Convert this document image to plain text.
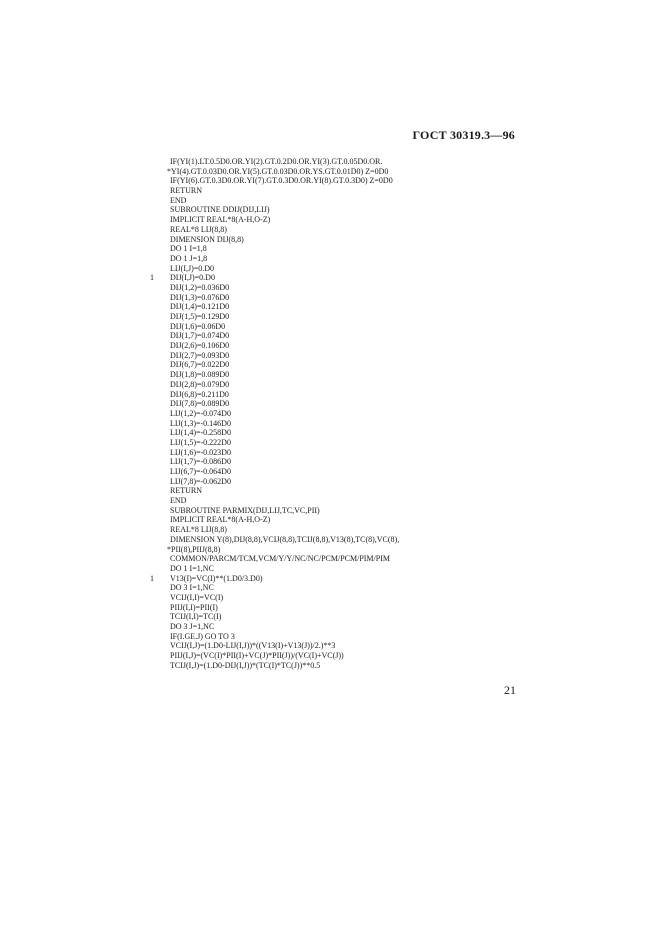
ГОСТ 30319.3—96
IF(YI(1).LT.0.5D0.OR.YI(2).GT.0.2D0.OR.YI(3).GT.0.05D0.OR.
*YI(4).GT.0.03D0.OR.YI(5).GT.0.03D0.OR.YS.GT.0.01D0) Z=0D0
IF(YI(6).GT.0.3D0.OR.YI(7).GT.0.3D0.OR.YI(8).GT.0.3D0) Z=0D0
RETURN
END
SUBROUTINE DDIJ(DIJ,LIJ)
IMPLICIT REAL*8(A-H,O-Z)
REAL*8 LIJ(8,8)
DIMENSION DIJ(8,8)
DO 1 I=1,8
DO 1 J=1,8
LIJ(I,J)=0.D0
1	DIJ(I,J)=0.D0
DIJ(1,2)=0.036D0
DIJ(1,3)=0.076D0
DIJ(1,4)=0.121D0
DIJ(1,5)=0.129D0
DIJ(1,6)=0.06D0
DIJ(1,7)=0.074D0
DIJ(2,6)=0.106D0
DIJ(2,7)=0.093D0
DIJ(6,7)=0.022D0
DIJ(1,8)=0.089D0
DIJ(2,8)=0.079D0
DIJ(6,8)=0.211D0
DIJ(7,8)=0.089D0
LIJ(1,2)=-0.074D0
LIJ(1,3)=-0.146D0
LIJ(1,4)=-0.258D0
LIJ(1,5)=-0.222D0
LIJ(1,6)=-0.023D0
LIJ(1,7)=-0.086D0
LIJ(6,7)=-0.064D0
LIJ(7,8)=-0.062D0
RETURN
END
SUBROUTINE PARMIX(DIJ,LIJ,TC,VC,PII)
IMPLICIT REAL*8(A-H,O-Z)
REAL*8 LIJ(8,8)
DIMENSION Y(8),DIJ(8,8),VCIJ(8,8),TCIJ(8,8),V13(8),TC(8),VC(8),
*PII(8),PIIJ(8,8)
COMMON/PARCM/TCM,VCM/Y/Y/NC/NC/PCM/PCM/PIM/PIM
DO 1 I=1,NC
1	V13(I)=VC(I)**(1.D0/3.D0)
DO 3 I=1,NC
VCIJ(I,I)=VC(I)
PIIJ(I,I)=PII(I)
TCIJ(I,I)=TC(I)
DO 3 J=1,NC
IF(I.GE.J) GO TO 3
VCIJ(I,J)=(1.D0-LIJ(I,J))*((V13(I)+V13(J))/2.)**3
PIIJ(I,J)=(VC(I)*PII(I)+VC(J)*PII(J))/(VC(I)+VC(J))
TCIJ(I,J)=(1.D0-DIJ(I,J))*(TC(I)*TC(J))**0.5
21
